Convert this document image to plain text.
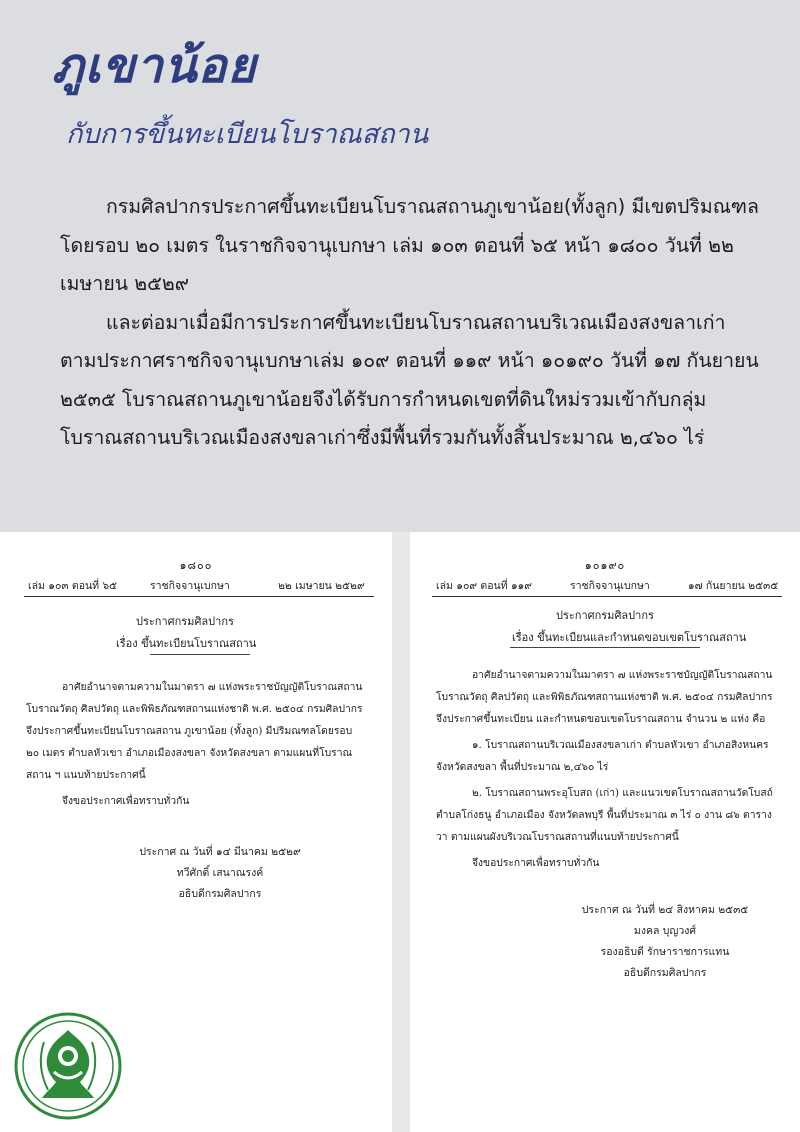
ภูเขาน้อย
กับการขึ้นทะเบียนโบราณสถาน

กรมศิลปากรประกาศขึ้นทะเบียนโบราณสถานภูเขาน้อย(ทั้งลูก) มีเขตปริมณฑลโดยรอบ ๒๐ เมตร ในราชกิจจานุเบกษา เล่ม ๑๐๓ ตอนที่ ๖๕ หน้า ๑๘๐๐ วันที่ ๒๒ เมษายน ๒๕๒๙

และต่อมาเมื่อมีการประกาศขึ้นทะเบียนโบราณสถานบริเวณเมืองสงขลาเก่า ตามประกาศราชกิจจานุเบกษาเล่ม ๑๐๙ ตอนที่ ๑๑๙ หน้า ๑๐๑๙๐ วันที่ ๑๗ กันยายน ๒๕๓๕ โบราณสถานภูเขาน้อยจึงได้รับการกำหนดเขตที่ดินใหม่รวมเข้ากับกลุ่มโบราณสถานบริเวณเมืองสงขลาเก่าซึ่งมีพื้นที่รวมกันทั้งสิ้นประมาณ ๒,๔๖๐ ไร่

๑๘๐๐
เล่ม ๑๐๓ ตอนที่ ๖๕	ราชกิจจานุเบกษา	๒๒ เมษายน ๒๕๒๙
ประกาศกรมศิลปากร
เรื่อง ขึ้นทะเบียนโบราณสถาน

อาศัยอำนาจตามความในมาตรา ๗ แห่งพระราชบัญญัติโบราณสถาน โบราณวัตถุ ศิลปวัตถุ และพิพิธภัณฑสถานแห่งชาติ พ.ศ. ๒๕๐๔ กรมศิลปากร จึงประกาศขึ้นทะเบียนโบราณสถาน ภูเขาน้อย (ทั้งลูก) มีปริมณฑลโดยรอบ ๒๐ เมตร ตำบลหัวเขา อำเภอเมืองสงขลา จังหวัดสงขลา ตามแผนที่โบราณสถาน ฯ แนบท้ายประกาศนี้

จึงขอประกาศเพื่อทราบทั่วกัน

ประกาศ ณ วันที่ ๑๔ มีนาคม ๒๕๒๙
ทวีศักดิ์ เสนาณรงค์
อธิบดีกรมศิลปากร
๑๐๑๙๐
เล่ม ๑๐๙ ตอนที่ ๑๑๙	ราชกิจจานุเบกษา	๑๗ กันยายน ๒๕๓๕
ประกาศกรมศิลปากร
เรื่อง ขึ้นทะเบียนและกำหนดขอบเขตโบราณสถาน

อาศัยอำนาจตามความในมาตรา ๗ แห่งพระราชบัญญัติโบราณสถาน โบราณวัตถุ ศิลปวัตถุ และพิพิธภัณฑสถานแห่งชาติ พ.ศ. ๒๕๐๔ กรมศิลปากรจึงประกาศขึ้นทะเบียน และกำหนดขอบเขตโบราณสถาน จำนวน ๒ แห่ง คือ

๑. โบราณสถานบริเวณเมืองสงขลาเก่า ตำบลหัวเขา อำเภอสิงหนคร จังหวัดสงขลา พื้นที่ประมาณ ๒,๔๖๐ ไร่

๒. โบราณสถานพระอุโบสถ (เก่า) และแนวเขตโบราณสถานวัดโบสถ์ ตำบลโก่งธนู อำเภอเมือง จังหวัดลพบุรี พื้นที่ประมาณ ๓ ไร่ ๐ งาน ๘๖ ตารางวา ตามแผนผังบริเวณโบราณสถานที่แนบท้ายประกาศนี้

จึงขอประกาศเพื่อทราบทั่วกัน

ประกาศ ณ วันที่ ๒๔ สิงหาคม ๒๕๓๕
มงคล บุญวงศ์
รองอธิบดี รักษาราชการแทน
อธิบดีกรมศิลปากร
